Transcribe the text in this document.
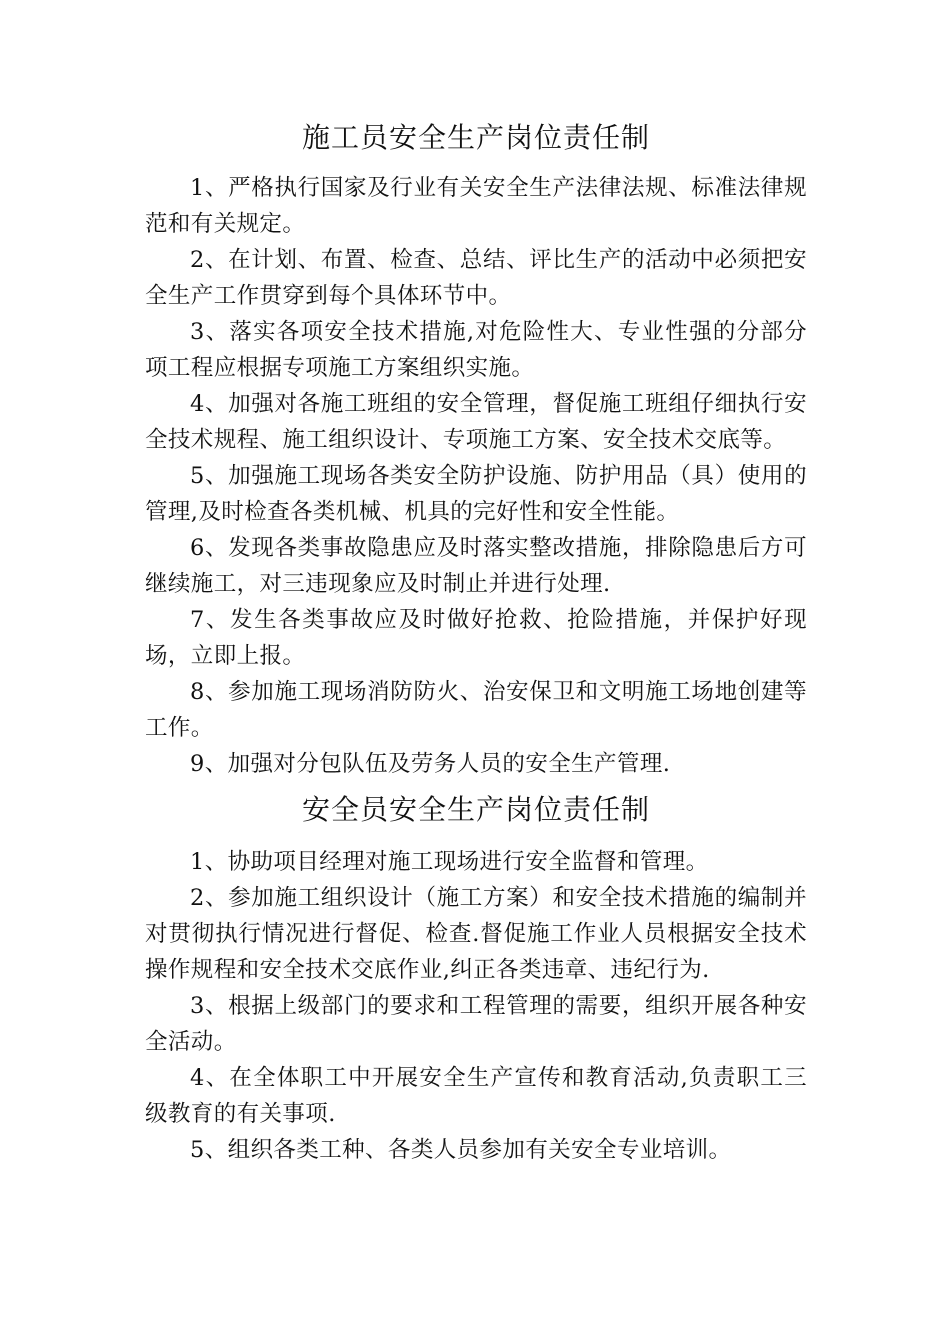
施工员安全生产岗位责任制

1、严格执行国家及行业有关安全生产法律法规、标准法律规范和有关规定。

2、在计划、布置、检查、总结、评比生产的活动中必须把安全生产工作贯穿到每个具体环节中。

3、落实各项安全技术措施,对危险性大、专业性强的分部分项工程应根据专项施工方案组织实施。

4、加强对各施工班组的安全管理，督促施工班组仔细执行安全技术规程、施工组织设计、专项施工方案、安全技术交底等。

5、加强施工现场各类安全防护设施、防护用品（具）使用的管理,及时检查各类机械、机具的完好性和安全性能。

6、发现各类事故隐患应及时落实整改措施，排除隐患后方可继续施工，对三违现象应及时制止并进行处理.

7、发生各类事故应及时做好抢救、抢险措施，并保护好现场，立即上报。

8、参加施工现场消防防火、治安保卫和文明施工场地创建等工作。

9、加强对分包队伍及劳务人员的安全生产管理.

安全员安全生产岗位责任制

1、协助项目经理对施工现场进行安全监督和管理。

2、参加施工组织设计（施工方案）和安全技术措施的编制并对贯彻执行情况进行督促、检查.督促施工作业人员根据安全技术操作规程和安全技术交底作业,纠正各类违章、违纪行为.

3、根据上级部门的要求和工程管理的需要，组织开展各种安全活动。

4、在全体职工中开展安全生产宣传和教育活动,负责职工三级教育的有关事项.

5、组织各类工种、各类人员参加有关安全专业培训。
